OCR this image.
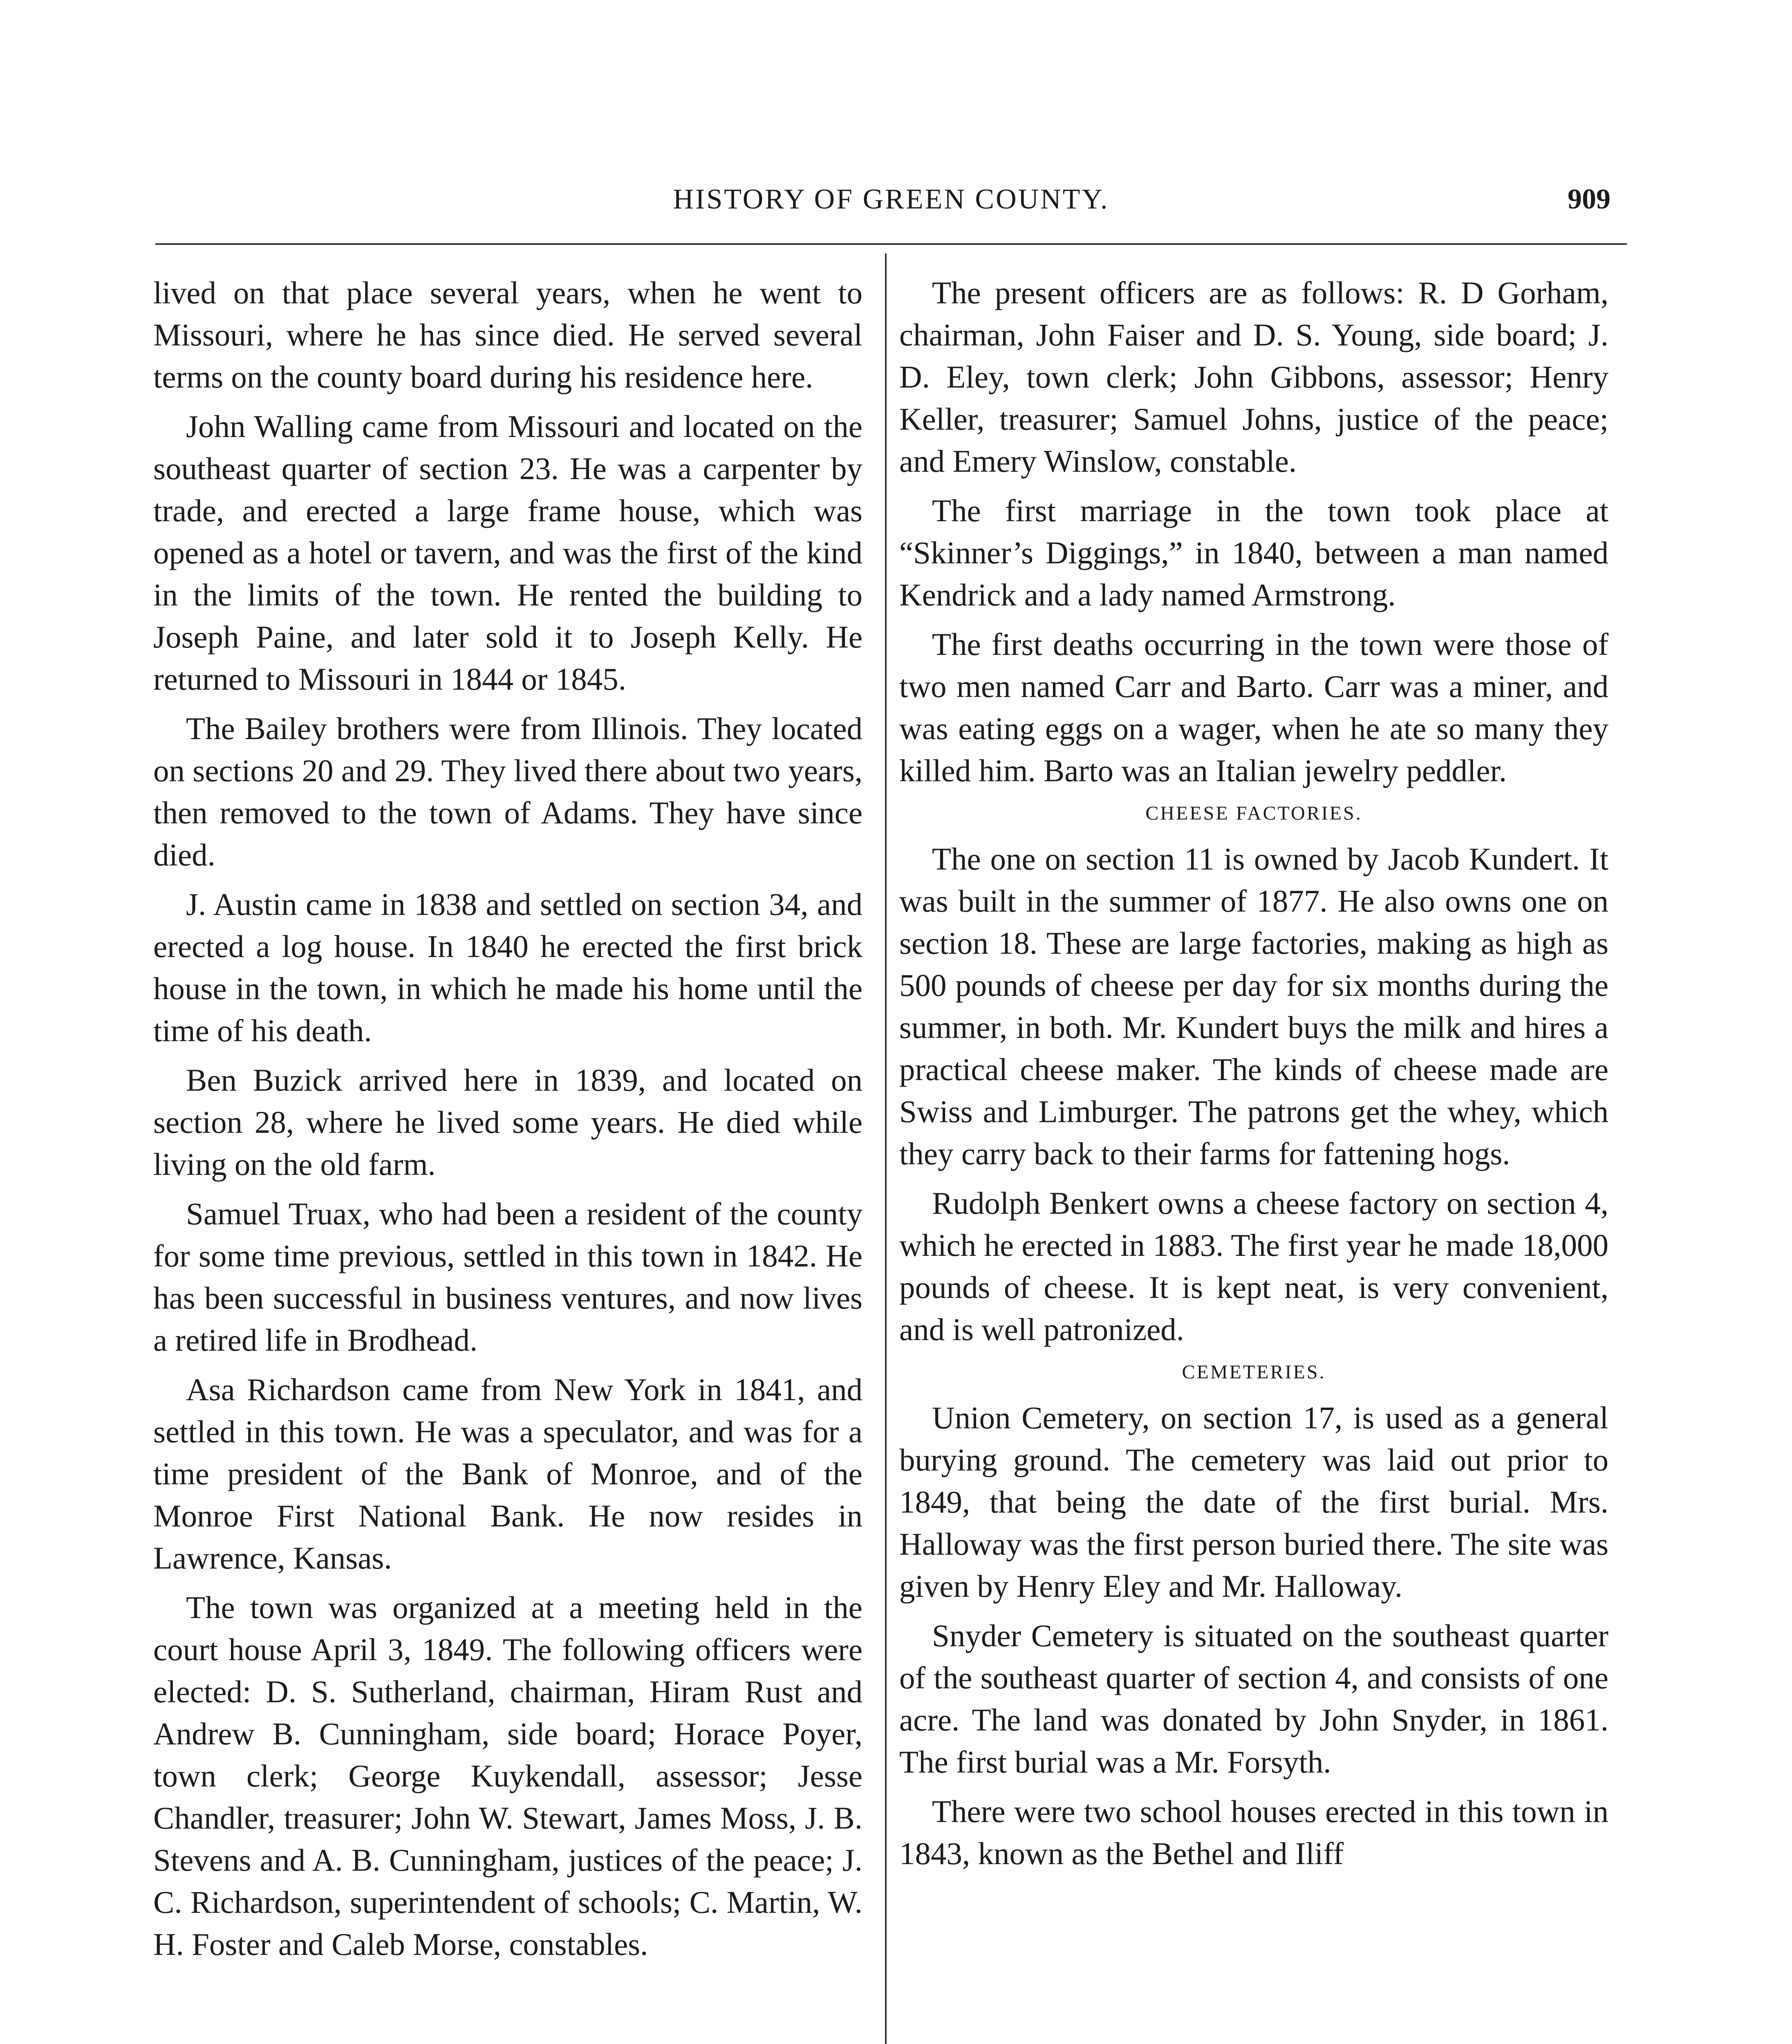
HISTORY OF GREEN COUNTY.	909

lived on that place several years, when he went to Missouri, where he has since died. He served several terms on the county board during his residence here.

John Walling came from Missouri and located on the southeast quarter of section 23. He was a carpenter by trade, and erected a large frame house, which was opened as a hotel or tavern, and was the first of the kind in the limits of the town. He rented the building to Joseph Paine, and later sold it to Joseph Kelly. He returned to Missouri in 1844 or 1845.

The Bailey brothers were from Illinois. They located on sections 20 and 29. They lived there about two years, then removed to the town of Adams. They have since died.

J. Austin came in 1838 and settled on section 34, and erected a log house. In 1840 he erected the first brick house in the town, in which he made his home until the time of his death.

Ben Buzick arrived here in 1839, and located on section 28, where he lived some years. He died while living on the old farm.

Samuel Truax, who had been a resident of the county for some time previous, settled in this town in 1842. He has been successful in business ventures, and now lives a retired life in Brodhead.

Asa Richardson came from New York in 1841, and settled in this town. He was a speculator, and was for a time president of the Bank of Monroe, and of the Monroe First National Bank. He now resides in Lawrence, Kansas.

The town was organized at a meeting held in the court house April 3, 1849. The following officers were elected: D. S. Sutherland, chairman, Hiram Rust and Andrew B. Cunningham, side board; Horace Poyer, town clerk; George Kuykendall, assessor; Jesse Chandler, treasurer; John W. Stewart, James Moss, J. B. Stevens and A. B. Cunningham, justices of the peace; J. C. Richardson, superintendent of schools; C. Martin, W. H. Foster and Caleb Morse, constables.

The present officers are as follows: R. D Gorham, chairman, John Faiser and D. S. Young, side board; J. D. Eley, town clerk; John Gibbons, assessor; Henry Keller, treasurer; Samuel Johns, justice of the peace; and Emery Winslow, constable.

The first marriage in the town took place at “Skinner’s Diggings,” in 1840, between a man named Kendrick and a lady named Armstrong.

The first deaths occurring in the town were those of two men named Carr and Barto. Carr was a miner, and was eating eggs on a wager, when he ate so many they killed him. Barto was an Italian jewelry peddler.

CHEESE FACTORIES.

The one on section 11 is owned by Jacob Kundert. It was built in the summer of 1877. He also owns one on section 18. These are large factories, making as high as 500 pounds of cheese per day for six months during the summer, in both. Mr. Kundert buys the milk and hires a practical cheese maker. The kinds of cheese made are Swiss and Limburger. The patrons get the whey, which they carry back to their farms for fattening hogs.

Rudolph Benkert owns a cheese factory on section 4, which he erected in 1883. The first year he made 18,000 pounds of cheese. It is kept neat, is very convenient, and is well patronized.

CEMETERIES.

Union Cemetery, on section 17, is used as a general burying ground. The cemetery was laid out prior to 1849, that being the date of the first burial. Mrs. Halloway was the first person buried there. The site was given by Henry Eley and Mr. Halloway.

Snyder Cemetery is situated on the southeast quarter of the southeast quarter of section 4, and consists of one acre. The land was donated by John Snyder, in 1861. The first burial was a Mr. Forsyth.

There were two school houses erected in this town in 1843, known as the Bethel and Iliff
